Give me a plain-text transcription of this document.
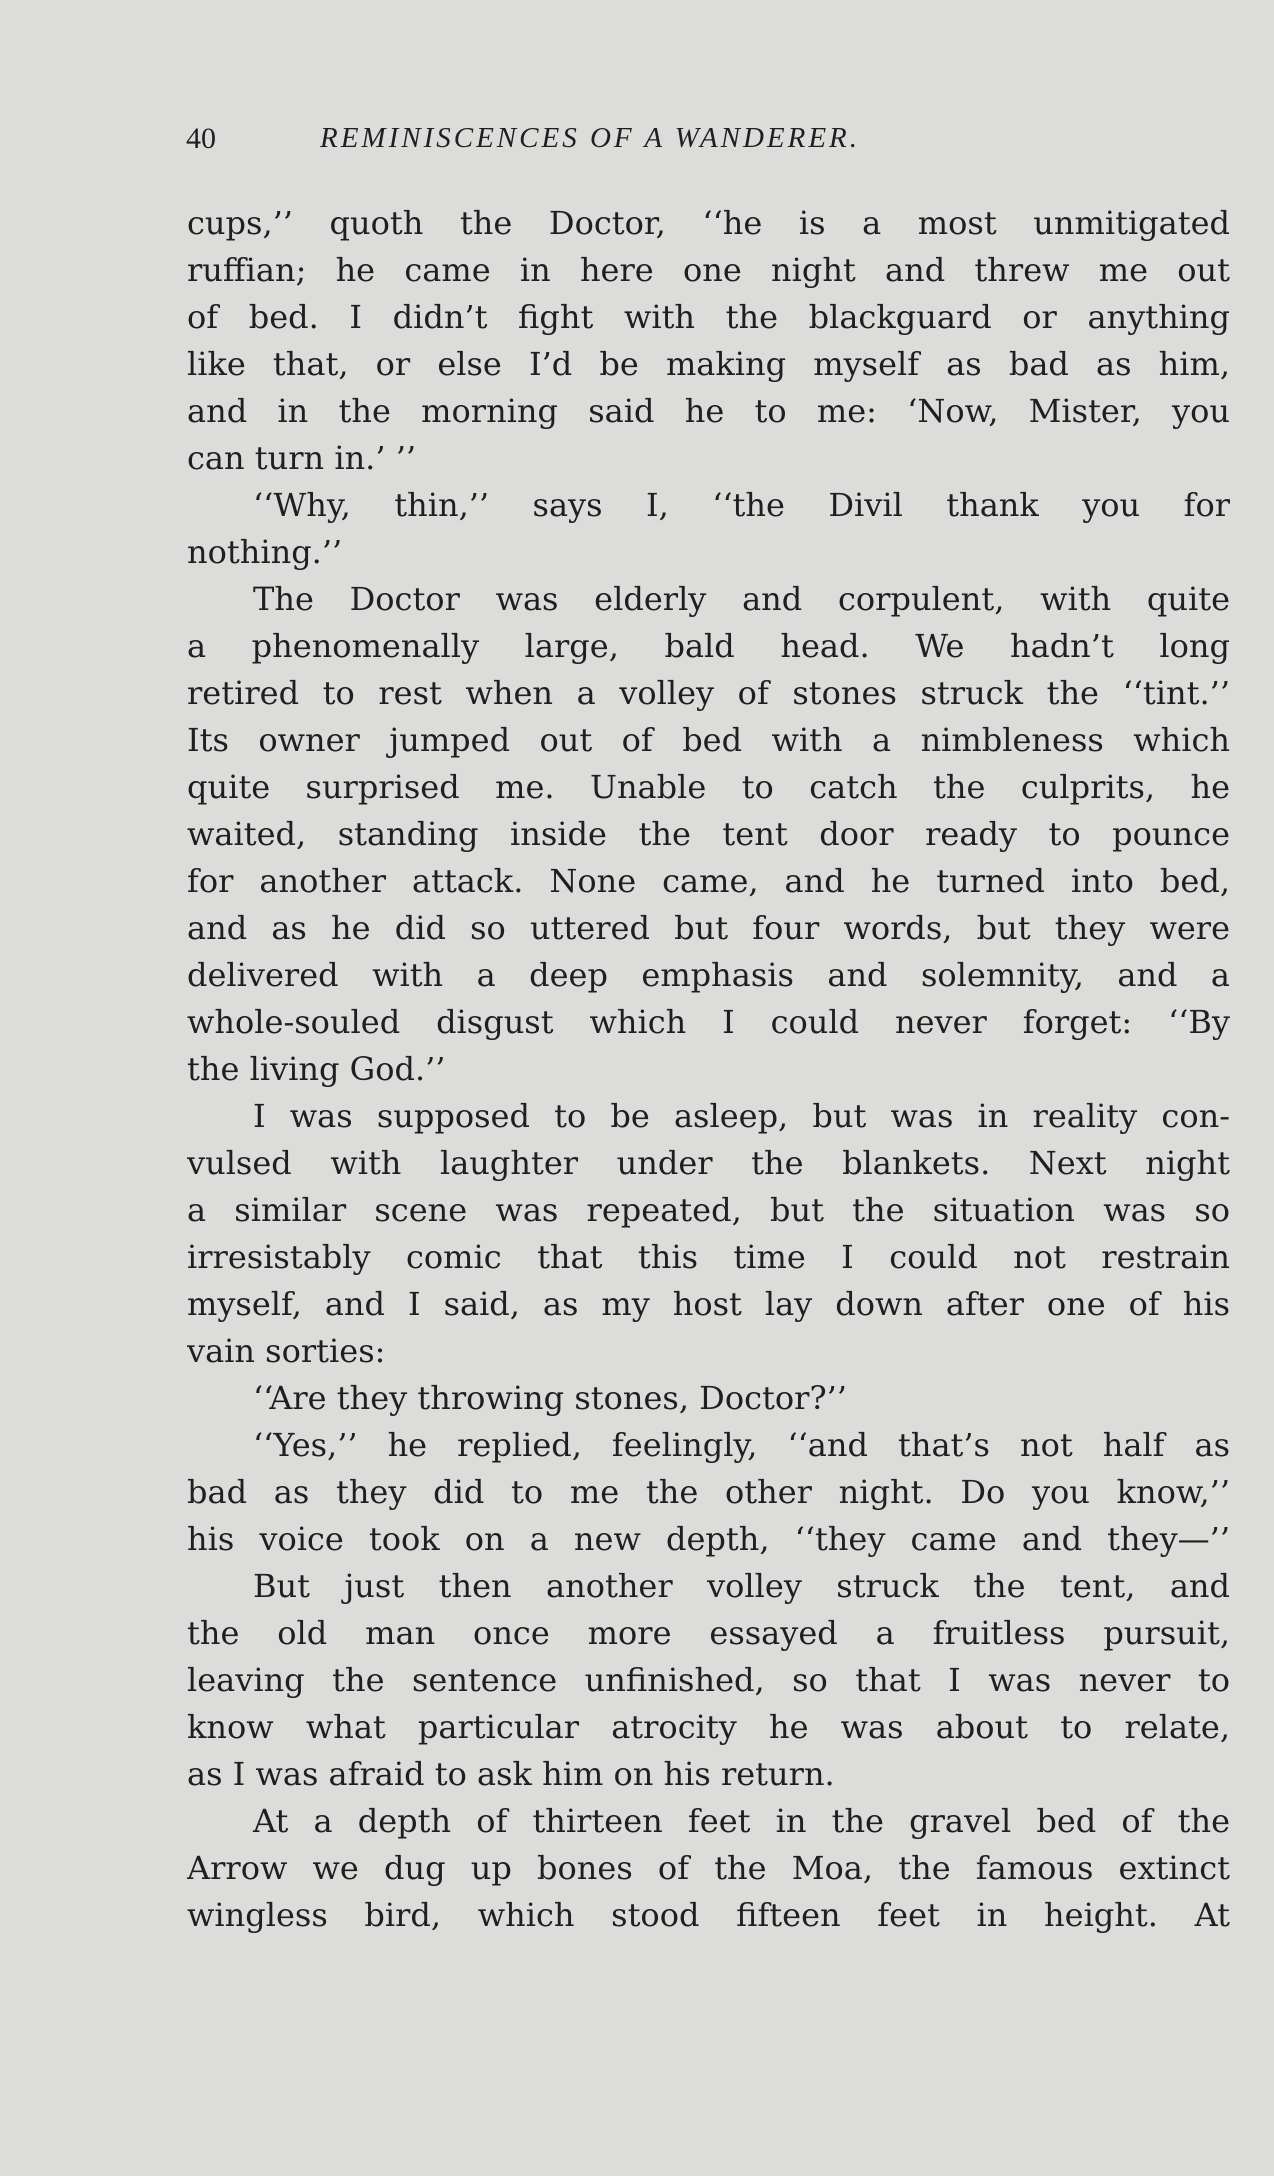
40	REMINISCENCES OF A WANDERER.
cups,’’ quoth the Doctor, ‘‘he is a most unmitigated
ruffian; he came in here one night and threw me out
of bed. I didn’t fight with the blackguard or anything
like that, or else I’d be making myself as bad as him,
and in the morning said he to me: ‘Now, Mister, you
can turn in.’ ’’
‘‘Why, thin,’’ says I, ‘‘the Divil thank you for
nothing.’’
The Doctor was elderly and corpulent, with quite
a phenomenally large, bald head. We hadn’t long
retired to rest when a volley of stones struck the ‘‘tint.’’
Its owner jumped out of bed with a nimbleness which
quite surprised me. Unable to catch the culprits, he
waited, standing inside the tent door ready to pounce
for another attack. None came, and he turned into bed,
and as he did so uttered but four words, but they were
delivered with a deep emphasis and solemnity, and a
whole-souled disgust which I could never forget: ‘‘By
the living God.’’
I was supposed to be asleep, but was in reality con-
vulsed with laughter under the blankets. Next night
a similar scene was repeated, but the situation was so
irresistably comic that this time I could not restrain
myself, and I said, as my host lay down after one of his
vain sorties:
‘‘Are they throwing stones, Doctor?’’
‘‘Yes,’’ he replied, feelingly, ‘‘and that’s not half as
bad as they did to me the other night. Do you know,’’
his voice took on a new depth, ‘‘they came and they—’’
But just then another volley struck the tent, and
the old man once more essayed a fruitless pursuit,
leaving the sentence unfinished, so that I was never to
know what particular atrocity he was about to relate,
as I was afraid to ask him on his return.
At a depth of thirteen feet in the gravel bed of the
Arrow we dug up bones of the Moa, the famous extinct
wingless bird, which stood fifteen feet in height. At
